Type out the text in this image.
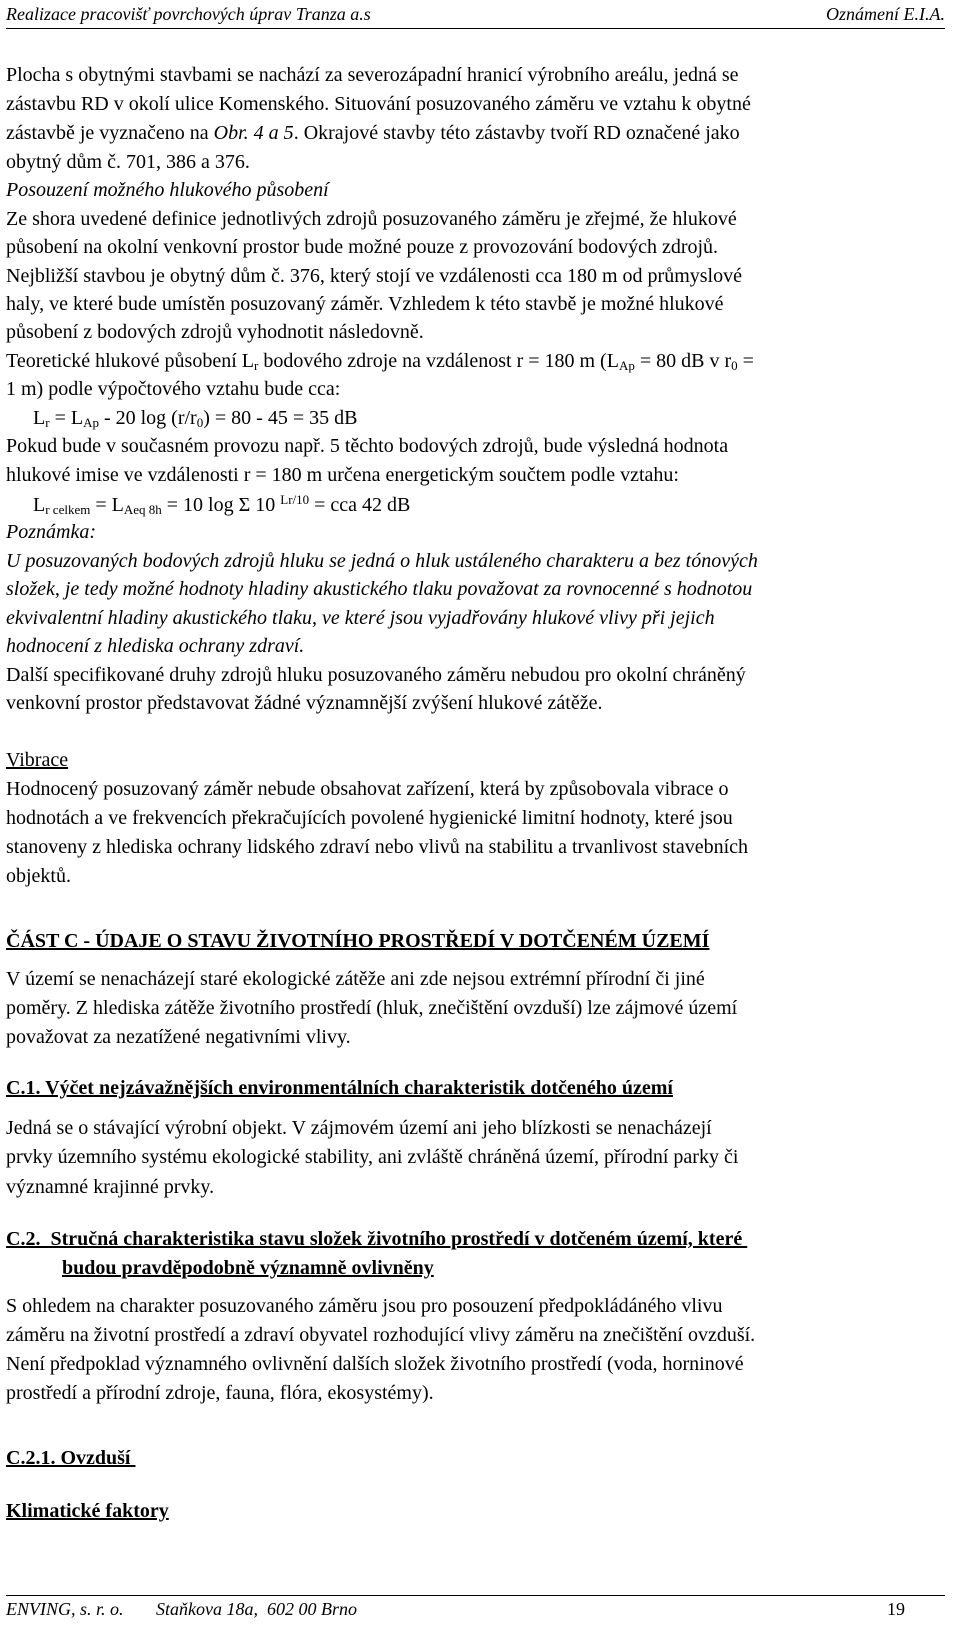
Realizace pracovišť povrchových úprav Tranza a.s	Oznámení E.I.A.

Plocha s obytnými stavbami se nachází za severozápadní hranicí výrobního areálu, jedná se

zástavbu RD v okolí ulice Komenského. Situování posuzovaného záměru ve vztahu k obytné

zástavbě je vyznačeno na Obr. 4 a 5. Okrajové stavby této zástavby tvoří RD označené jako

obytný dům č. 701, 386 a 376.

Posouzení možného hlukového působení

Ze shora uvedené definice jednotlivých zdrojů posuzovaného záměru je zřejmé, že hlukové

působení na okolní venkovní prostor bude možné pouze z provozování bodových zdrojů.

Nejbližší stavbou je obytný dům č. 376, který stojí ve vzdálenosti cca 180 m od průmyslové

haly, ve které bude umístěn posuzovaný záměr. Vzhledem k této stavbě je možné hlukové

působení z bodových zdrojů vyhodnotit následovně.

Teoretické hlukové působení $L_r$ bodového zdroje na vzdálenost r = 180 m ($L_{Ap} = 80$ dB v $r_0$ =

1 m) podle výpočtového vztahu bude cca:

$L_r = L_{Ap} - 20$ $\log (r/r_0) = 80 - 45 = 35$ dB

Pokud bude v současném provozu např. 5 těchto bodových zdrojů, bude výsledná hodnota

hlukové imise ve vzdálenosti r = 180 m určena energetickým součtem podle vztahu:

$L_{r celkem} = L_{Aeq 8h} = 10$ log Σ 10 $^{Lr/10}$ = cca 42 dB

Poznámka:

U posuzovaných bodových zdrojů hluku se jedná o hluk ustáleného charakteru a bez tónových

složek, je tedy možné hodnoty hladiny akustického tlaku považovat za rovnocenné s hodnotou

ekvivalentní hladiny akustického tlaku, ve které jsou vyjadřovány hlukové vlivy při jejich

hodnocení z hlediska ochrany zdraví.

Další specifikované druhy zdrojů hluku posuzovaného záměru nebudou pro okolní chráněný

venkovní prostor představovat žádné významnější zvýšení hlukové zátěže.

Vibrace

Hodnocený posuzovaný záměr nebude obsahovat zařízení, která by způsobovala vibrace o

hodnotách a ve frekvencích překračujících povolené hygienické limitní hodnoty, které jsou

stanoveny z hlediska ochrany lidského zdraví nebo vlivů na stabilitu a trvanlivost stavebních

objektů.

ČÁST C - ÚDAJE O STAVU ŽIVOTNÍHO PROSTŘEDÍ V DOTČENÉM ÚZEMÍ

V území se nenacházejí staré ekologické zátěže ani zde nejsou extrémní přírodní či jiné

poměry. Z hlediska zátěže životního prostředí (hluk, znečištění ovzduší) lze zájmové území

považovat za nezatížené negativními vlivy.

C.1. Výčet nejzávažnějších environmentálních charakteristik dotčeného území

Jedná se o stávající výrobní objekt. V zájmovém území ani jeho blízkosti se nenacházejí

prvky územního systému ekologické stability, ani zvláště chráněná území, přírodní parky či

významné krajinné prvky.

C.2.  Stručná charakteristika stavu složek životního prostředí v dotčeném území, které

budou pravděpodobně významně ovlivněny

S ohledem na charakter posuzovaného záměru jsou pro posouzení předpokládáného vlivu

záměru na životní prostředí a zdraví obyvatel rozhodující vlivy záměru na znečištění ovzduší.

Není předpoklad významného ovlivnění dalších složek životního prostředí (voda, horninové

prostředí a přírodní zdroje, fauna, flóra, ekosystémy).

C.2.1. Ovzduší

Klimatické faktory

ENVING, s. r. o. Staňkova 18a,  602 00 Brno	19
